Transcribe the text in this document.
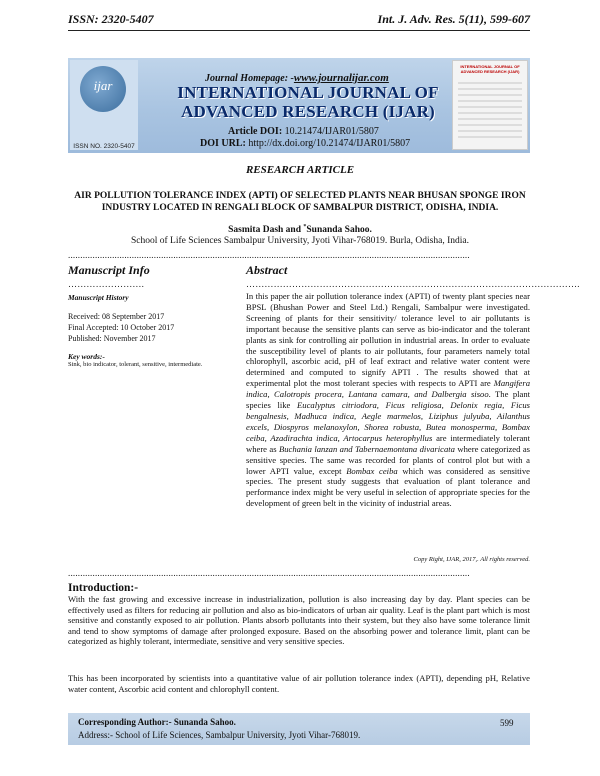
ISSN: 2320-5407	Int. J. Adv. Res. 5(11), 599-607
ijar
ISSN NO. 2320-5407
Journal Homepage: -www.journalijar.com
INTERNATIONAL JOURNAL OF
ADVANCED RESEARCH (IJAR)
Article DOI: 10.21474/IJAR01/5807
DOI URL: http://dx.doi.org/10.21474/IJAR01/5807
INTERNATIONAL JOURNAL OF ADVANCED RESEARCH (IJAR)
RESEARCH ARTICLE
AIR POLLUTION TOLERANCE INDEX (APTI) OF SELECTED PLANTS NEAR BHUSAN SPONGE IRON INDUSTRY LOCATED IN RENGALI BLOCK OF SAMBALPUR DISTRICT, ODISHA, INDIA.
Sasmita Dash and *Sunanda Sahoo.
School of Life Sciences Sambalpur University, Jyoti Vihar-768019. Burla, Odisha, India.
....................................................................................................................................................................
Manuscript Info
…………………….
Manuscript History
Received: 08 September 2017
Final Accepted: 10 October 2017
Published: November 2017
Key words:-
Sink, bio indicator, tolerant, sensitive, intermediate.
Abstract
……………………………………………………………………………………………….
In this paper the air pollution tolerance index (APTI) of twenty plant species near BPSL (Bhushan Power and Steel Ltd.) Rengali, Sambalpur were investigated. Screening of plants for their sensitivity/ tolerance level to air pollutants is important because the sensitive plants can serve as bio-indicator and the tolerant plants as sink for controlling air pollution in industrial areas. In order to evaluate the susceptibility level of plants to air pollutants, four parameters namely total chlorophyll, ascorbic acid, pH of leaf extract and relative water content were determined and computed to signify APTI . The results showed that at experimental plot the most tolerant species with respects to APTI are Mangifera indica, Calotropis procera, Lantana camara, and Dalbergia sisoo. The plant species like Eucalyptus citriodora, Ficus religiosa, Delonix regia, Ficus bengalnesis, Madhuca indica, Aegle marmelos, Liziphus julyuba, Ailanthus excels, Diospyros melanoxylon, Shorea robusta, Butea monosperma, Bombax ceiba, Azadirachta indica, Artocarpus heterophyllus are intermediately tolerant where as Buchania lanzan and Tabernaemontana divaricata where categorized as sensitive species. The same was recorded for plants of control plot but with a lower APTI value, except Bombax ceiba which was considered as sensitive species. The present study suggests that evaluation of plant tolerance and performance index might be very useful in selection of appropriate species for the development of green belt in the vicinity of industrial areas.
Copy Right, IJAR, 2017,. All rights reserved.
....................................................................................................................................................................
Introduction:-
With the fast growing and excessive increase in industrialization, pollution is also increasing day by day. Plant species can be effectively used as filters for reducing air pollution and also as bio-indicators of urban air quality. Leaf is the plant part which is most sensitive and constantly exposed to air pollution. Plants absorb pollutants into their system, but they also have some tolerance limit and tend to show symptoms of damage after prolonged exposure. Based on the absorbing power and tolerance limit, plant can be categorized as highly tolerant, intermediate, sensitive and very sensitive species.
This has been incorporated by scientists into a quantitative value of air pollution tolerance index (APTI), depending pH, Relative water content, Ascorbic acid content and chlorophyll content.
Corresponding Author:- Sunanda Sahoo.
Address:- School of Life Sciences, Sambalpur University, Jyoti Vihar-768019.
599
